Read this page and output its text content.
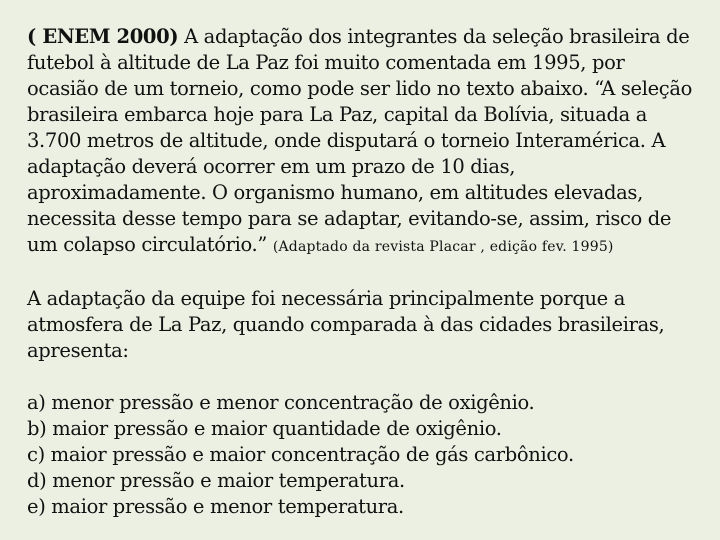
( ENEM 2000) A adaptação dos integrantes da seleção brasileira de futebol à altitude de La Paz foi muito comentada em 1995, por ocasião de um torneio, como pode ser lido no texto abaixo. “A seleção brasileira embarca hoje para La Paz, capital da Bolívia, situada a 3.700 metros de altitude, onde disputará o torneio Interamérica. A adaptação deverá ocorrer em um prazo de 10 dias, aproximadamente. O organismo humano, em altitudes elevadas, necessita desse tempo para se adaptar, evitando-se, assim, risco de um colapso circulatório.” (Adaptado da revista Placar , edição fev. 1995)

A adaptação da equipe foi necessária principalmente porque a atmosfera de La Paz, quando comparada à das cidades brasileiras, apresenta:

a) menor pressão e menor concentração de oxigênio.
b) maior pressão e maior quantidade de oxigênio.
c) maior pressão e maior concentração de gás carbônico.
d) menor pressão e maior temperatura.
e) maior pressão e menor temperatura.
